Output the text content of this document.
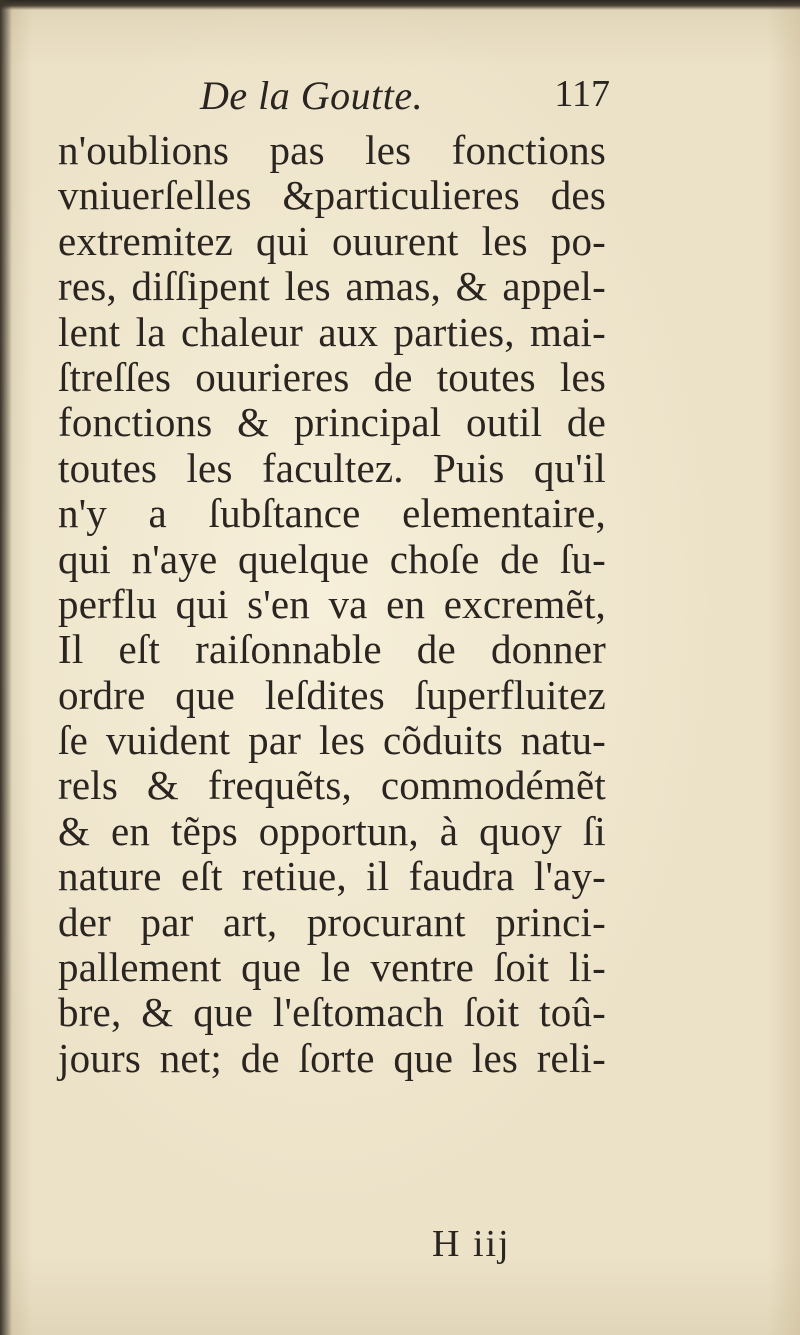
De la Goutte.	117
n'oublions pas les fonctions
vniuerſelles &particulieres des
extremitez qui ouurent les po-
res, diſſipent les amas, & appel-
lent la chaleur aux parties, mai-
ſtreſſes ouurieres de toutes les
fonctions & principal outil de
toutes les facultez. Puis qu'il
n'y a ſubſtance elementaire,
qui n'aye quelque choſe de ſu-
perflu qui s'en va en excremẽt,
Il eſt raiſonnable de donner
ordre que leſdites ſuperfluitez
ſe vuident par les cõduits natu-
rels & frequẽts, commodémẽt
& en tẽps opportun, à quoy ſi
nature eſt retiue, il faudra l'ay-
der par art, procurant princi-
pallement que le ventre ſoit li-
bre, & que l'eſtomach ſoit toû-
jours net; de ſorte que les reli-
H iij
